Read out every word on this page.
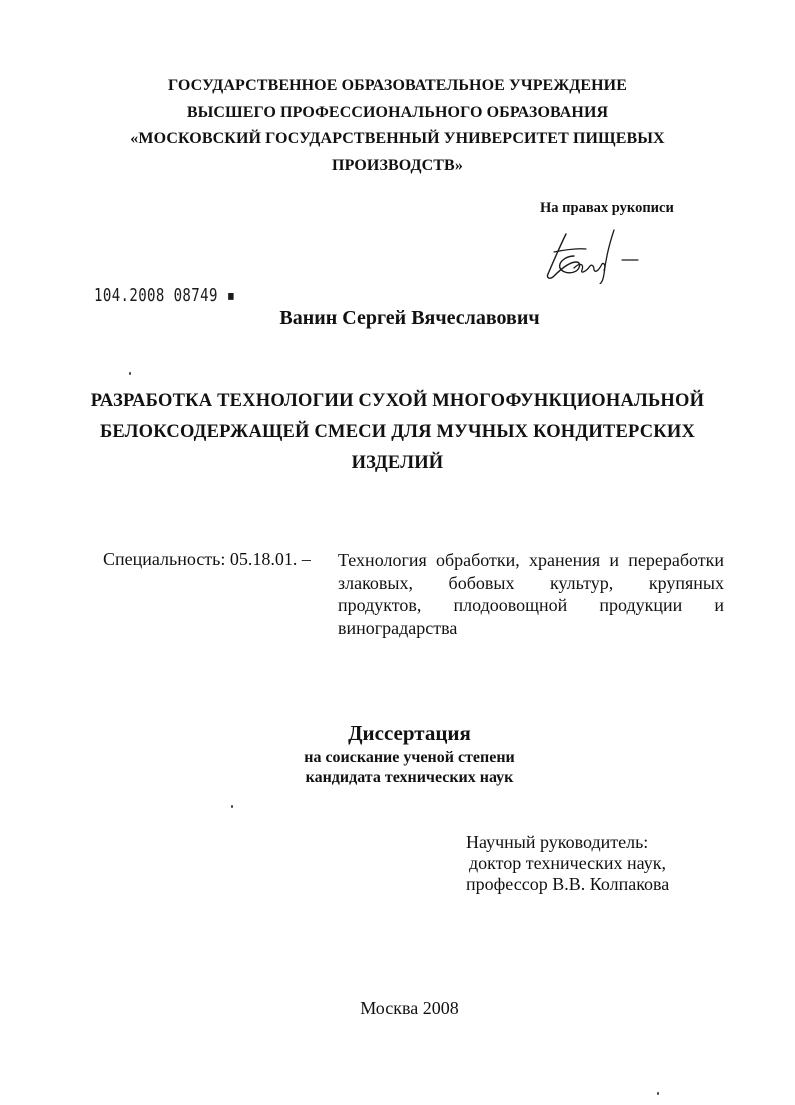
ГОСУДАРСТВЕННОЕ ОБРАЗОВАТЕЛЬНОЕ УЧРЕЖДЕНИЕ
ВЫСШЕГО ПРОФЕССИОНАЛЬНОГО ОБРАЗОВАНИЯ
«МОСКОВСКИЙ ГОСУДАРСТВЕННЫЙ УНИВЕРСИТЕТ ПИЩЕВЫХ
ПРОИЗВОДСТВ»
На правах рукописи
104.2008 08749 ▪
Ванин Сергей Вячеславович
РАЗРАБОТКА ТЕХНОЛОГИИ СУХОЙ МНОГОФУНКЦИОНАЛЬНОЙ
БЕЛОКСОДЕРЖАЩЕЙ СМЕСИ ДЛЯ МУЧНЫХ КОНДИТЕРСКИХ
ИЗДЕЛИЙ
Специальность: 05.18.01. – Технология обработки, хранения и переработки
злаковых, бобовых культур, крупяных
продуктов, плодоовощной продукции и
виноградарства
Диссертация
на соискание ученой степени
кандидата технических наук
Научный руководитель:
доктор технических наук,
профессор В.В. Колпакова
Москва 2008
